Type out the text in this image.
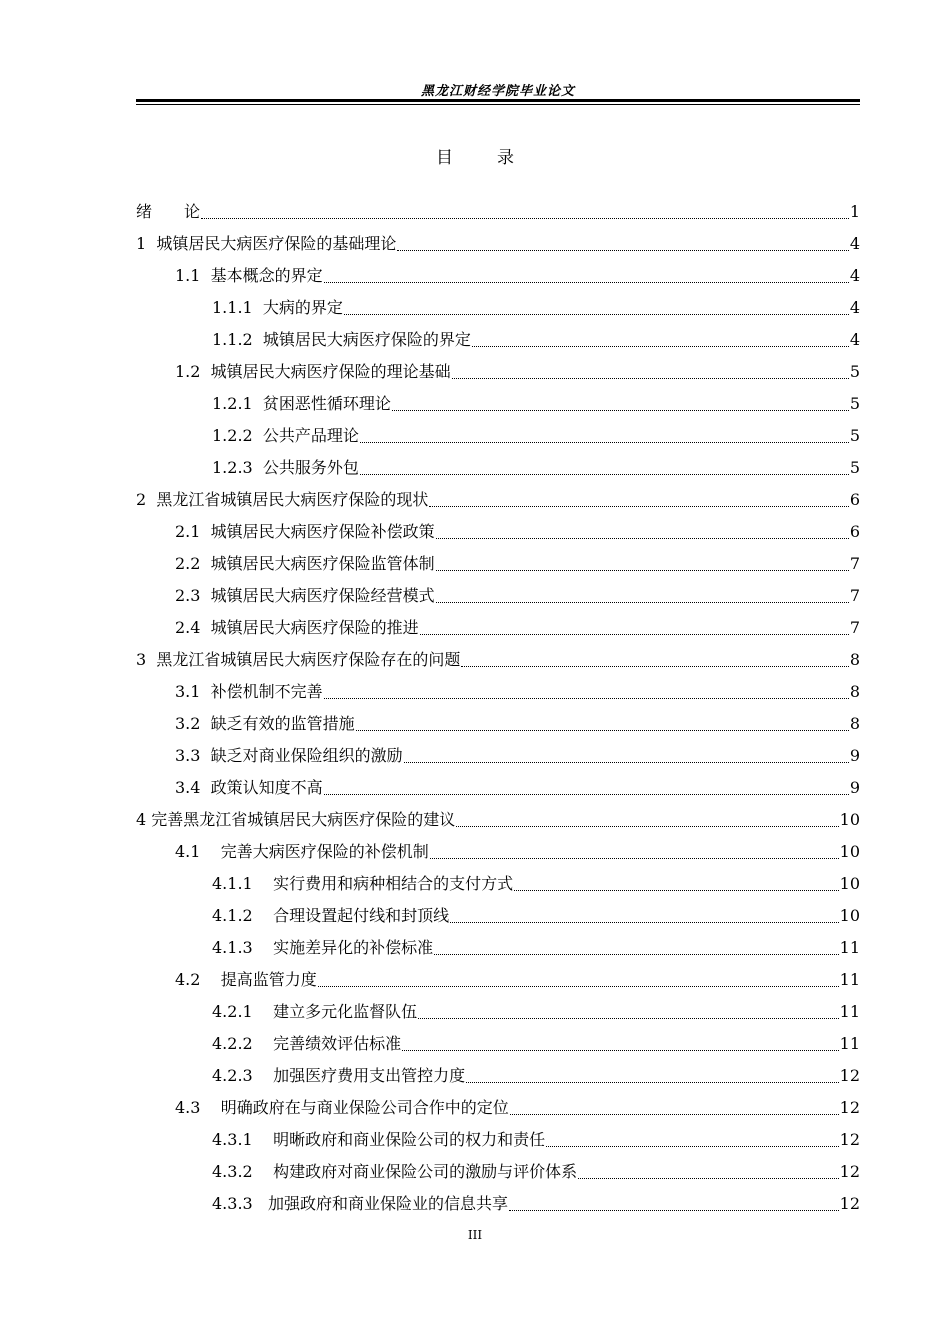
黑龙江财经学院毕业论文
目	录
绪　　 论	1
1 城镇居民大病医疗保险的基础理论	4
1.1 基本概念的界定	4
1.1.1 大病的界定	4
1.1.2 城镇居民大病医疗保险的界定	4
1.2 城镇居民大病医疗保险的理论基础	5
1.2.1 贫困恶性循环理论	5
1.2.2 公共产品理论	5
1.2.3 公共服务外包	5
2 黑龙江省城镇居民大病医疗保险的现状	6
2.1 城镇居民大病医疗保险补偿政策	6
2.2 城镇居民大病医疗保险监管体制	7
2.3 城镇居民大病医疗保险经营模式	7
2.4 城镇居民大病医疗保险的推进	7
3 黑龙江省城镇居民大病医疗保险存在的问题	8
3.1 补偿机制不完善	8
3.2 缺乏有效的监管措施	8
3.3 缺乏对商业保险组织的激励	9
3.4 政策认知度不高	9
4 完善黑龙江省城镇居民大病医疗保险的建议	10
4.1 完善大病医疗保险的补偿机制	10
4.1.1 实行费用和病种相结合的支付方式	10
4.1.2 合理设置起付线和封顶线	10
4.1.3 实施差异化的补偿标准	11
4.2 提高监管力度	11
4.2.1 建立多元化监督队伍	11
4.2.2 完善绩效评估标准	11
4.2.3 加强医疗费用支出管控力度	12
4.3 明确政府在与商业保险公司合作中的定位	12
4.3.1 明晰政府和商业保险公司的权力和责任	12
4.3.2 构建政府对商业保险公司的激励与评价体系	12
4.3.3 加强政府和商业保险业的信息共享	12
III
